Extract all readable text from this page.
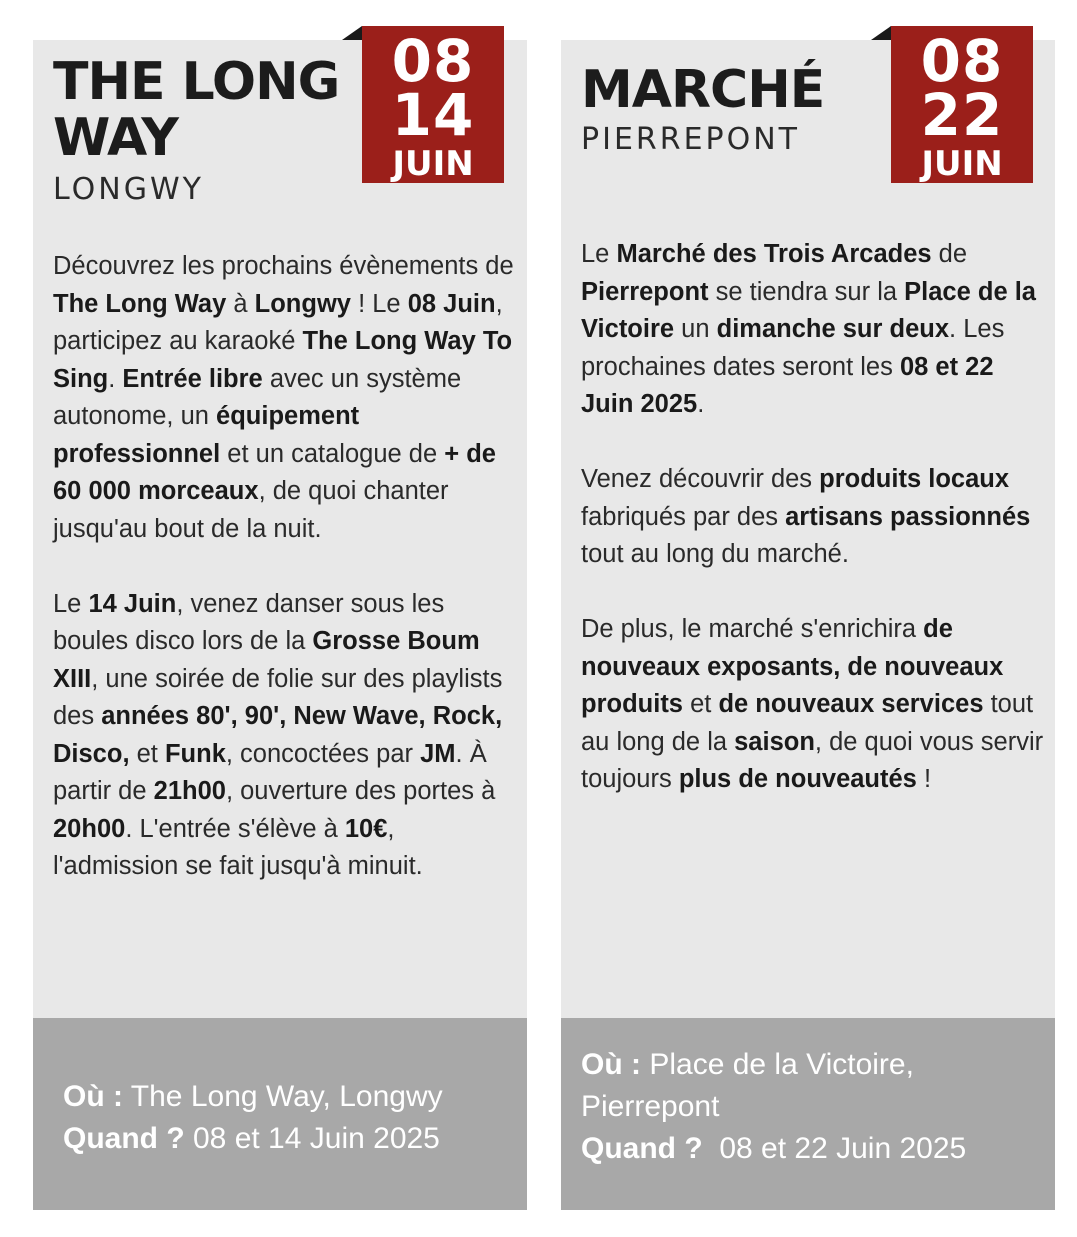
THE LONG
WAY
LONGWY
08
14
JUIN

Découvrez les prochains évènements de The Long Way à Longwy ! Le 08 Juin, participez au karaoké The Long Way To Sing. Entrée libre avec un système autonome, un équipement professionnel et un catalogue de + de 60 000 morceaux, de quoi chanter jusqu'au bout de la nuit.

Le 14 Juin, venez danser sous les boules disco lors de la Grosse Boum XIII, une soirée de folie sur des playlists des années 80', 90', New Wave, Rock, Disco, et Funk, concoctées par JM. À partir de 21h00, ouverture des portes à 20h00. L'entrée s'élève à 10€, l'admission se fait jusqu'à minuit.

Où : The Long Way, Longwy
Quand ? 08 et 14 Juin 2025
MARCHÉ
PIERREPONT
08
22
JUIN

Le Marché des Trois Arcades de Pierrepont se tiendra sur la Place de la Victoire un dimanche sur deux. Les prochaines dates seront les 08 et 22 Juin 2025.

Venez découvrir des produits locaux fabriqués par des artisans passionnés tout au long du marché.

De plus, le marché s'enrichira de nouveaux exposants, de nouveaux produits et de nouveaux services tout au long de la saison, de quoi vous servir toujours plus de nouveautés !

Où : Place de la Victoire,
Pierrepont
Quand ? 08 et 22 Juin 2025
